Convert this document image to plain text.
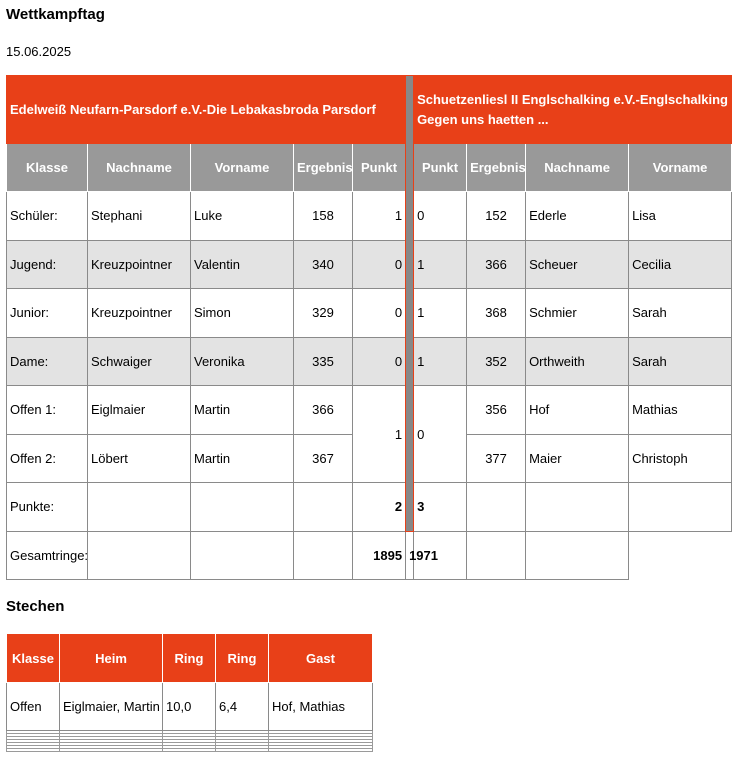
Wettkampftag
15.06.2025
Edelweiß Neufarn-Parsdorf e.V.-Die Lebakasbroda Parsdorf						Schuetzenliesl II Englschalking e.V.-Englschalking
Gegen uns haetten ...			

Klasse	Nachname	Vorname	Ergebnis	Punkt		Punkt	Ergebnis	Nachname	Vorname
Schüler:	Stephani	Luke	158	1		0	152	Ederle	Lisa
Jugend:	Kreuzpointner	Valentin	340	0		1	366	Scheuer	Cecilia
Junior:	Kreuzpointner	Simon	329	0		1	368	Schmier	Sarah
Dame:	Schwaiger	Veronika	335	0		1	352	Orthweith	Sarah
Offen 1:	Eiglmaier	Martin	366	1		0	356	Hof	Mathias
Offen 2:	Löbert	Martin	367				377	Maier	Christoph
Punkte:				2		3			
Gesamtringe:				1895	1971				
Stechen
Klasse	Heim	Ring	Ring	Gast
Offen	Eiglmaier, Martin	10,0	6,4	Hof, Mathias
